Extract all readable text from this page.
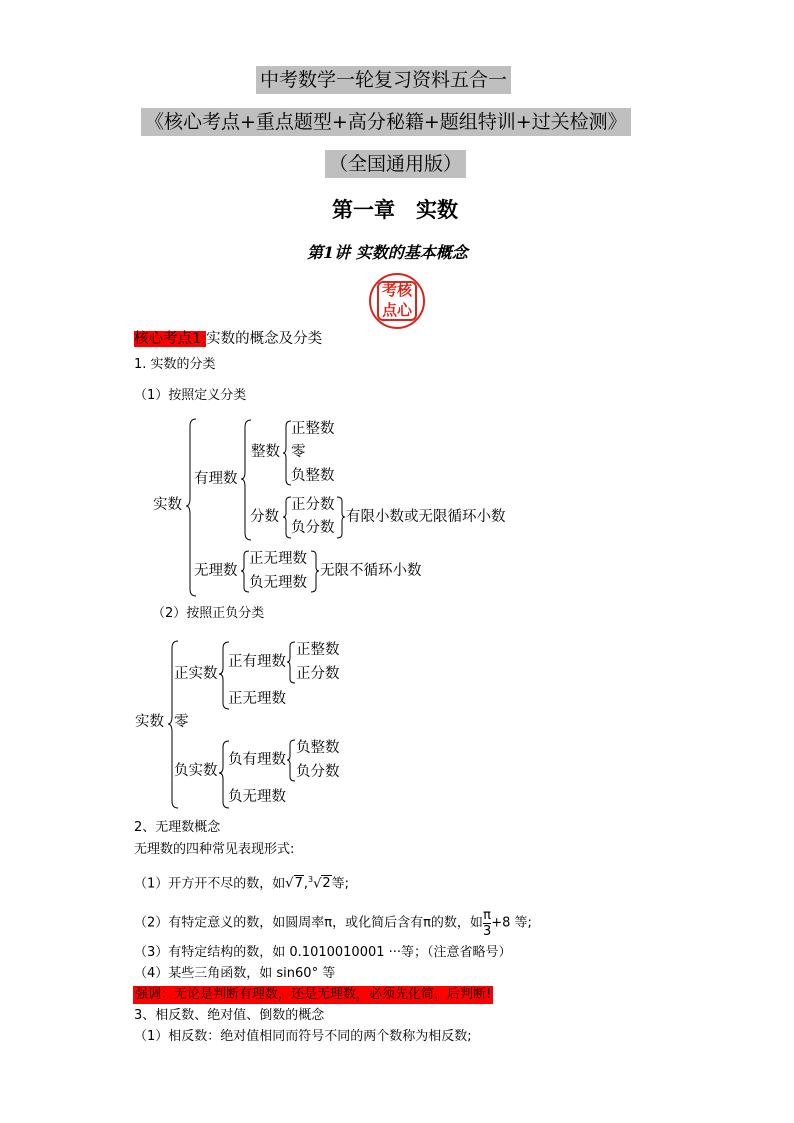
中考数学一轮复习资料五合一
《核心考点+重点题型+高分秘籍+题组特训+过关检测》
（全国通用版）
第一章　实数
第1讲 实数的基本概念
考核
点心
核心考点1:实数的概念及分类
1. 实数的分类
（1）按照定义分类
实数
有理数
整数
正整数
零
负整数
分数
正分数
负分数
有限小数或无限循环小数
无理数
正无理数
负无理数
无限不循环小数
（2）按照正负分类
实数
正实数
正有理数
正整数
正分数
正无理数
零
负实数
负有理数
负整数
负分数
负无理数
2、无理数概念
无理数的四种常见表现形式:
（1）开方开不尽的数，如√7,$^3$√2等;
（2）有特定意义的数，如圆周率π，或化简后含有π的数，如 $\frac{\pi}{3} +8$ 等;
（3）有特定结构的数，如 0.1010010001 ···等；（注意省略号）
（4）某些三角函数，如 sin60° 等
强调：无论是判断有理数，还是无理数，必须先化简，后判断!
3、相反数、绝对值、倒数的概念
（1）相反数：绝对值相同而符号不同的两个数称为相反数;
